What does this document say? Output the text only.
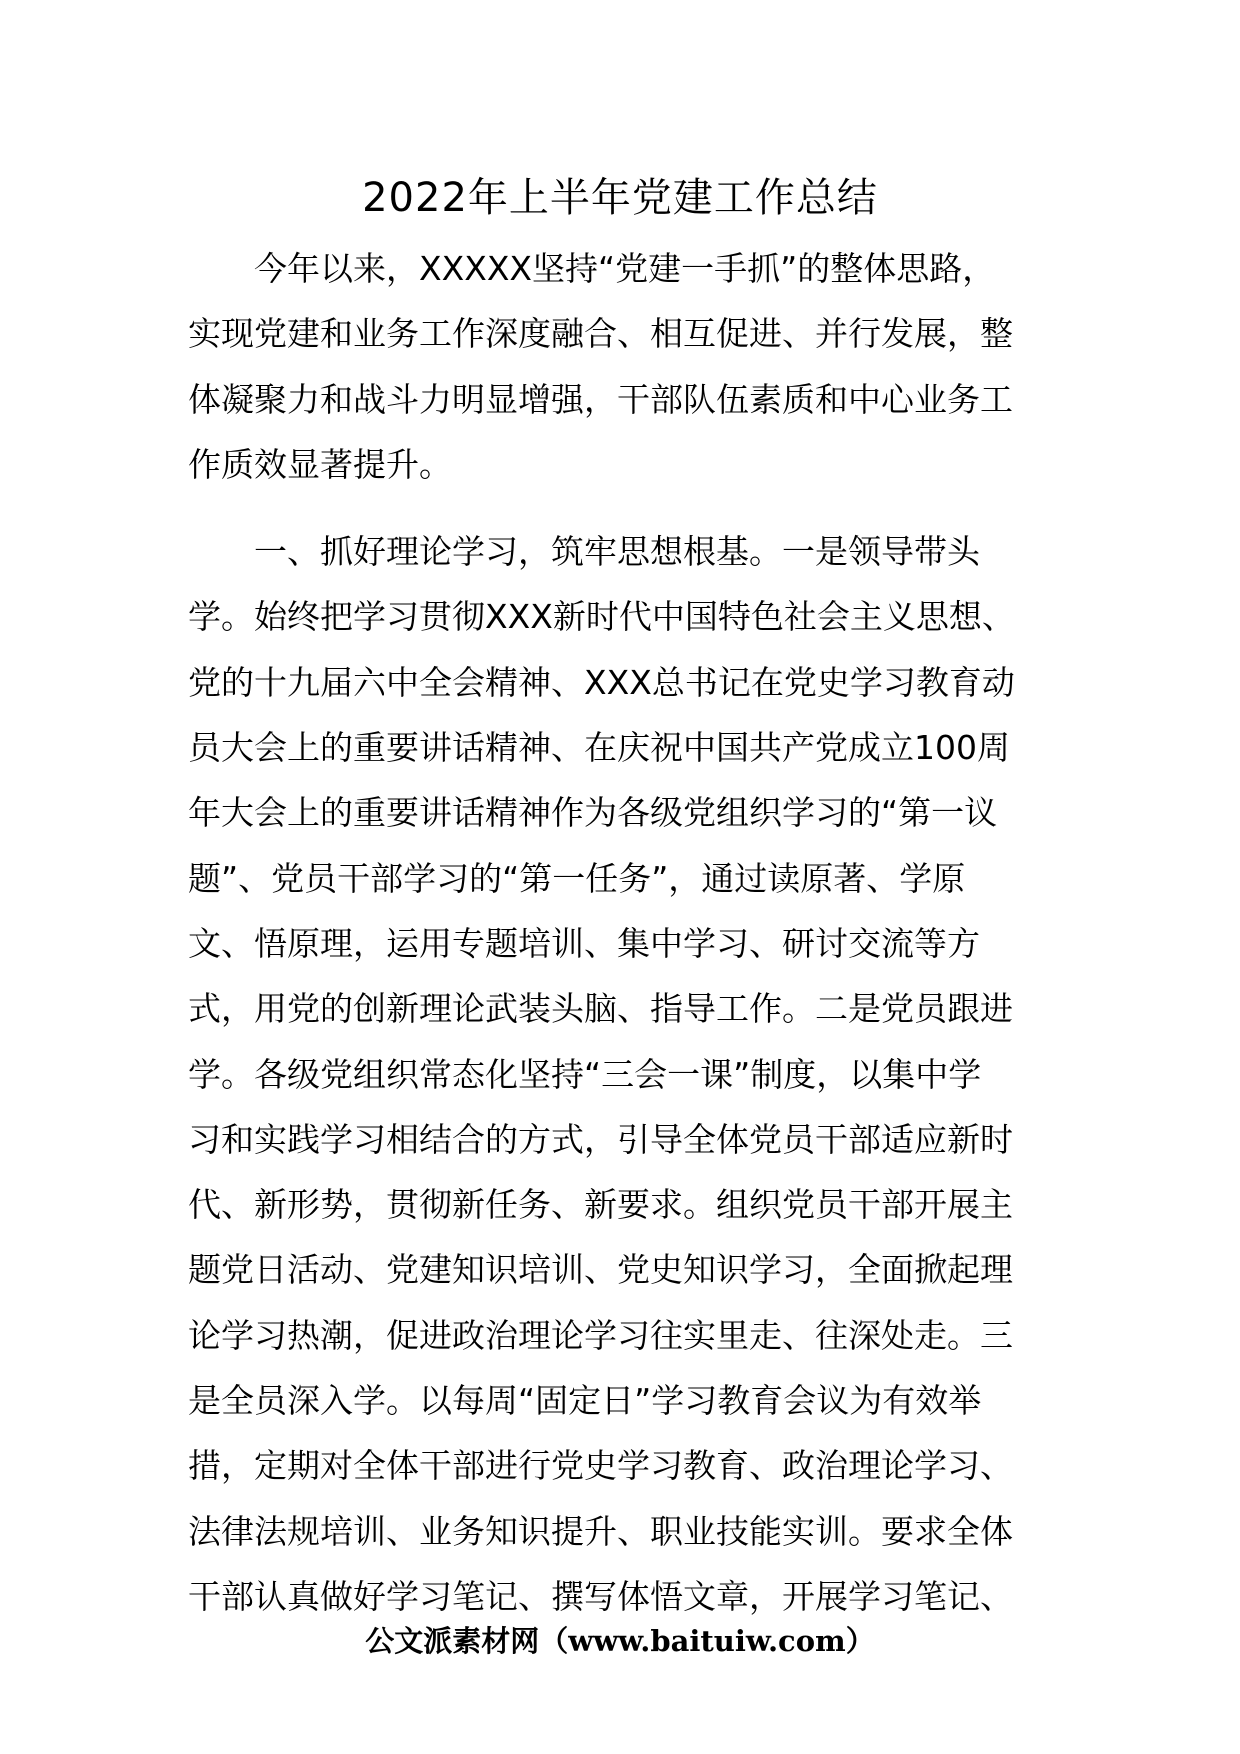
2022年上半年党建工作总结
今年以来，XXXXX坚持“党建一手抓”的整体思路，
实现党建和业务工作深度融合、相互促进、并行发展，整
体凝聚力和战斗力明显增强，干部队伍素质和中心业务工
作质效显著提升。
一、抓好理论学习，筑牢思想根基。一是领导带头
学。始终把学习贯彻XXX新时代中国特色社会主义思想、
党的十九届六中全会精神、XXX总书记在党史学习教育动
员大会上的重要讲话精神、在庆祝中国共产党成立100周
年大会上的重要讲话精神作为各级党组织学习的“第一议
题”、党员干部学习的“第一任务”，通过读原著、学原
文、悟原理，运用专题培训、集中学习、研讨交流等方
式，用党的创新理论武装头脑、指导工作。二是党员跟进
学。各级党组织常态化坚持“三会一课”制度，以集中学
习和实践学习相结合的方式，引导全体党员干部适应新时
代、新形势，贯彻新任务、新要求。组织党员干部开展主
题党日活动、党建知识培训、党史知识学习，全面掀起理
论学习热潮，促进政治理论学习往实里走、往深处走。三
是全员深入学。以每周“固定日”学习教育会议为有效举
措，定期对全体干部进行党史学习教育、政治理论学习、
法律法规培训、业务知识提升、职业技能实训。要求全体
干部认真做好学习笔记、撰写体悟文章，开展学习笔记、
公文派素材网（www.baituiw.com）
